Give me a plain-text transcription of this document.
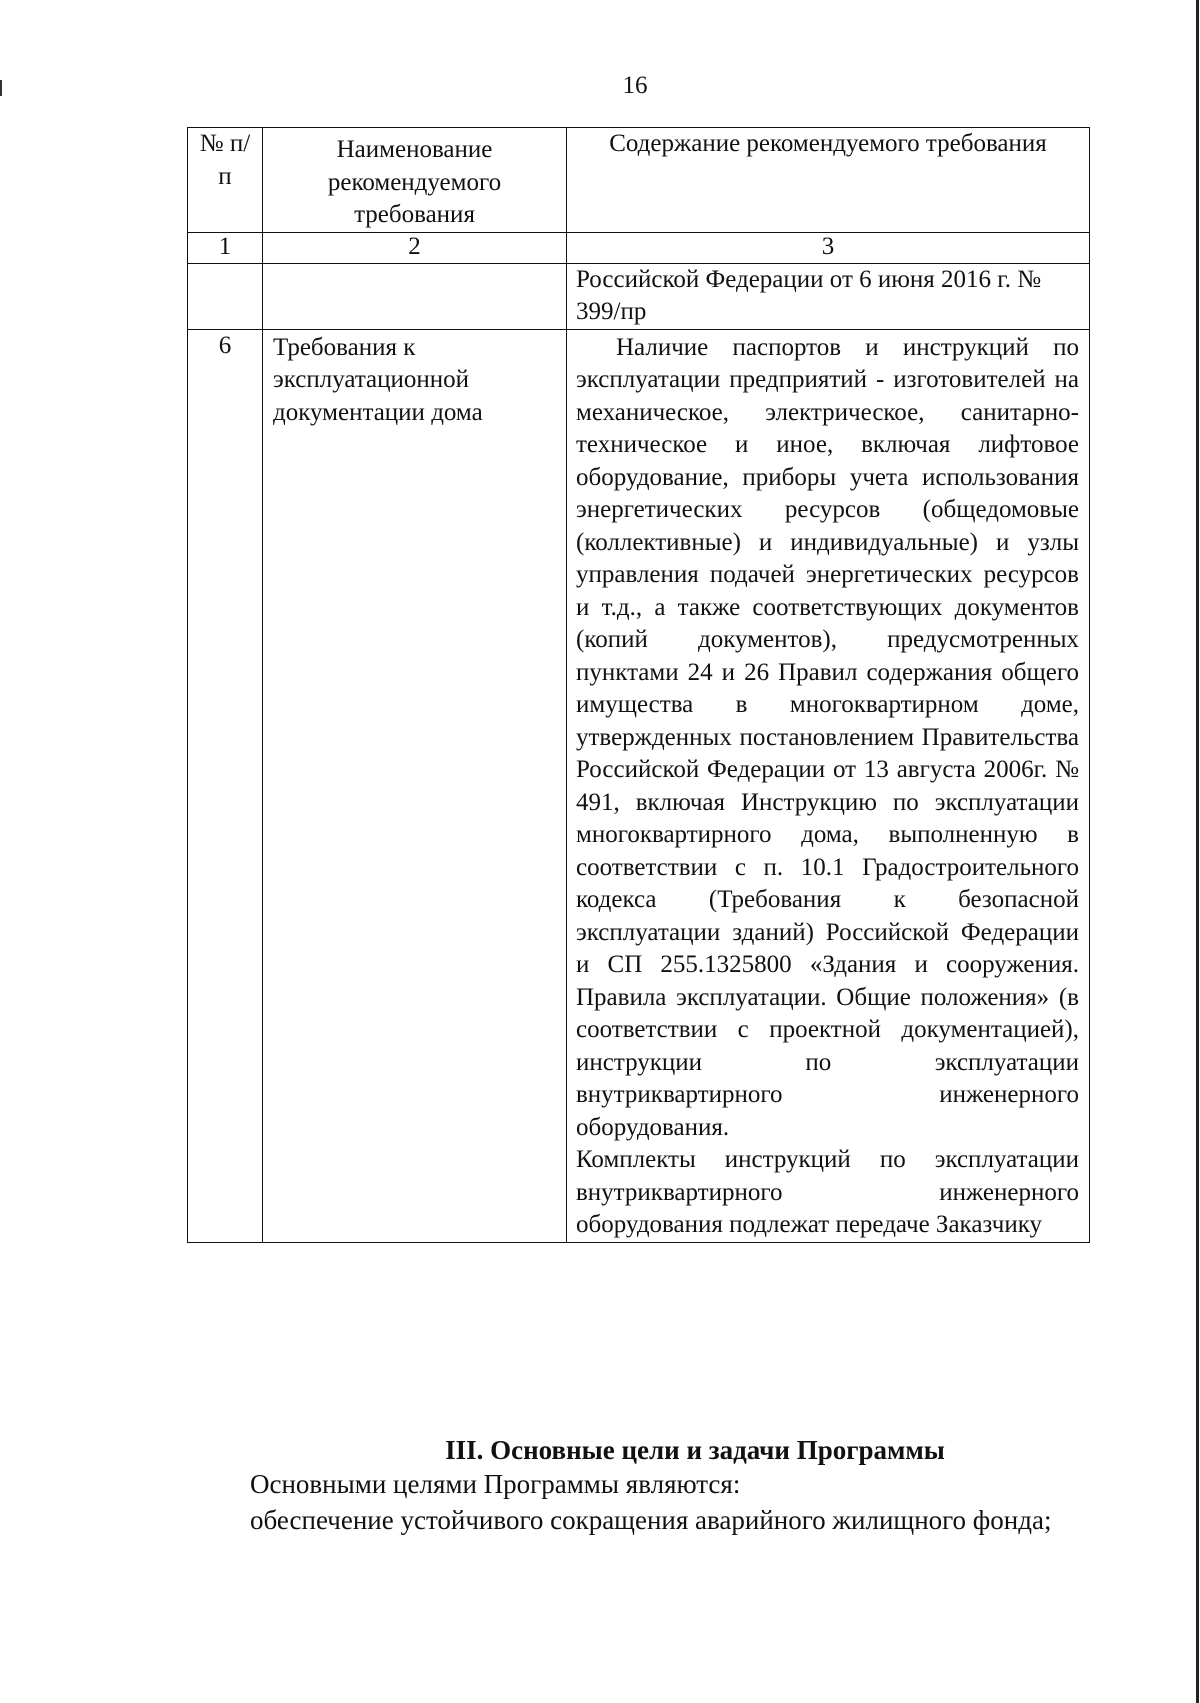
16
№ п/п	Наименование рекомендуемого требования	Содержание рекомендуемого требования
1	2	3
		Российской Федерации от 6 июня 2016 г. № 399/пр
6	Требования к эксплуатационной документации дома	Наличие паспортов и инструкций по эксплуатации предприятий - изготовителей на механическое, электрическое, санитарно-техническое и иное, включая лифтовое оборудование, приборы учета использования энергетических ресурсов (общедомовые (коллективные) и индивидуальные) и узлы управления подачей энергетических ресурсов и т.д., а также соответствующих документов (копий документов), предусмотренных пунктами 24 и 26 Правил содержания общего имущества в многоквартирном доме, утвержденных постановлением Правительства Российской Федерации от 13 августа 2006г. № 491, включая Инструкцию по эксплуатации многоквартирного дома, выполненную в соответствии с п. 10.1 Градостроительного кодекса (Требования к безопасной эксплуатации зданий) Российской Федерации и СП 255.1325800 «Здания и сооружения. Правила эксплуатации. Общие положения» (в соответствии с проектной документацией), инструкции по эксплуатации внутриквартирного инженерного оборудования.

Комплекты инструкций по эксплуатации внутриквартирного инженерного оборудования подлежат передаче Заказчику

III. Основные цели и задачи Программы
Основными целями Программы являются:
обеспечение устойчивого сокращения аварийного жилищного фонда;
